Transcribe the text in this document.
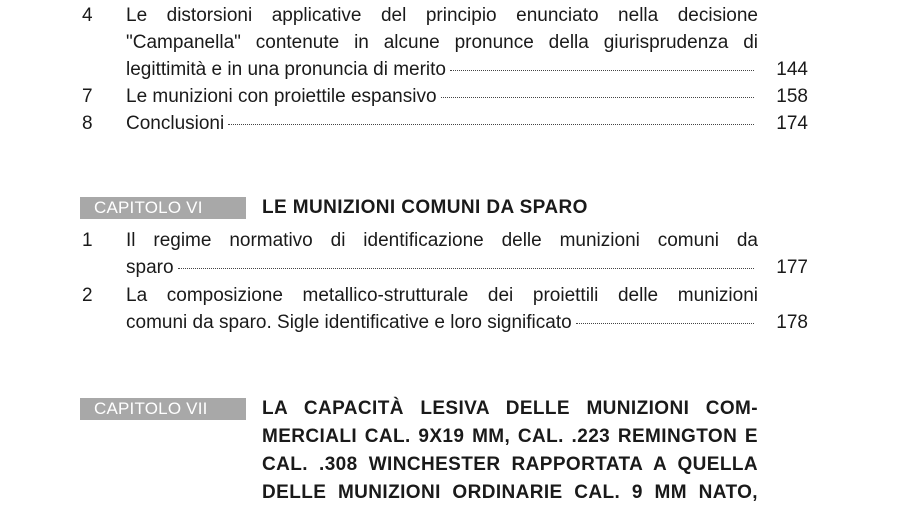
4	Le distorsioni applicative del principio enunciato nella decisione
"Campanella" contenute in alcune pronunce della giurisprudenza di
legittimità e in una pronuncia di merito	144
7	Le munizioni con proiettile espansivo	158
8	Conclusioni	174
CAPITOLO VI	LE MUNIZIONI COMUNI DA SPARO
1	Il regime normativo di identificazione delle munizioni comuni da
sparo	177
2	La composizione metallico-strutturale dei proiettili delle munizioni
comuni da sparo. Sigle identificative e loro significato	178
CAPITOLO VII	LA CAPACITÀ LESIVA DELLE MUNIZIONI COM-
MERCIALI CAL. 9X19 MM, CAL. .223 REMINGTON E
CAL. .308 WINCHESTER RAPPORTATA A QUELLA
DELLE MUNIZIONI ORDINARIE CAL. 9 MM NATO,
